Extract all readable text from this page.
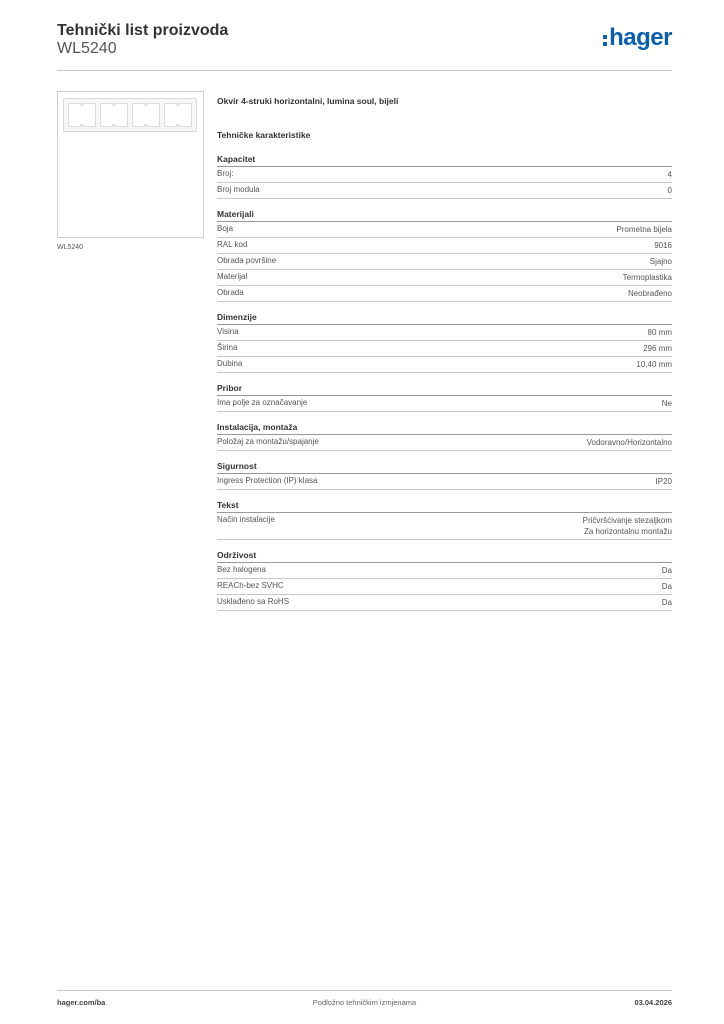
Tehnički list proizvoda
WL5240	hager
WL5240
Okvir 4-struki horizontalni, lumina soul, bijeli
Tehničke karakteristike
Kapacitet
Broj:	4
Broj modula	0
Materijali
Boja	Prometna bijela
RAL kod	9016
Obrada površine	Sjajno
Materijal	Termoplastika
Obrada	Neobrađeno
Dimenzije
Visina	80 mm
Širina	296 mm
Dubina	10,40 mm
Pribor
Ima polje za označavanje	Ne
Instalacija, montaža
Položaj za montažu/spajanje	Vodoravno/Horizontalno
Sigurnost
Ingress Protection (IP) klasa	IP20
Tekst
Način instalacije	Pričvršćivanje stezaljkom
Za horizontalnu montažu
Održivost
Bez halogena	Da
REACh-bez SVHC	Da
Usklađeno sa RoHS	Da
hager.com/ba	Podložno tehničkim izmjenama	03.04.2026
